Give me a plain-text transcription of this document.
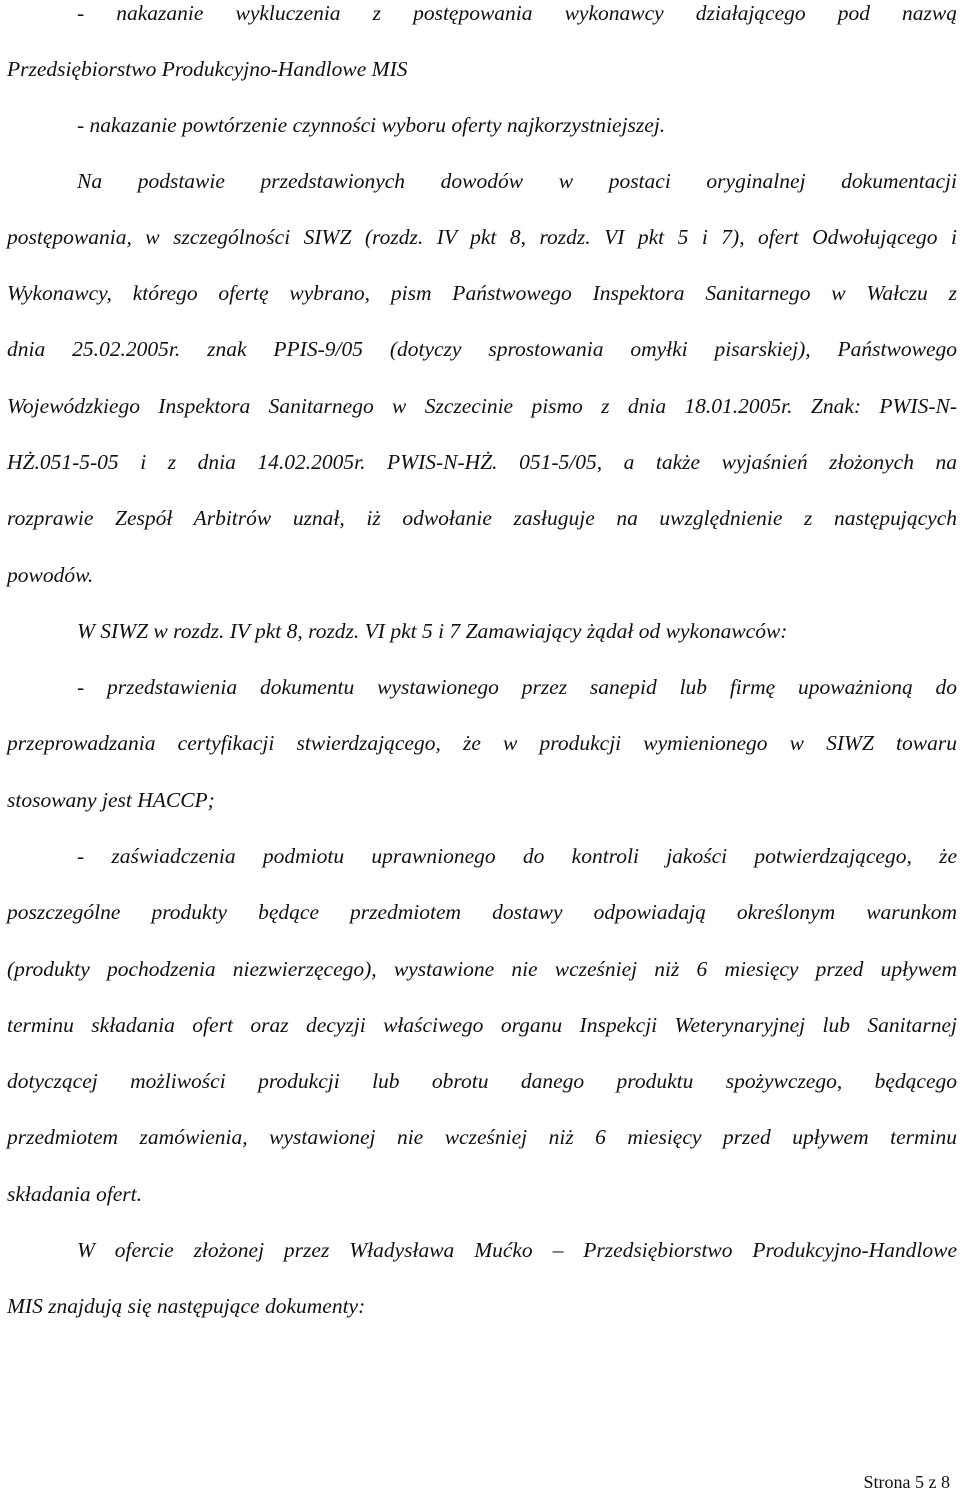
- nakazanie wykluczenia z postępowania wykonawcy działającego pod nazwą
Przedsiębiorstwo Produkcyjno-Handlowe MIS
- nakazanie powtórzenie czynności wyboru oferty najkorzystniejszej.
Na podstawie przedstawionych dowodów w postaci oryginalnej dokumentacji
postępowania, w szczególności SIWZ (rozdz. IV pkt 8, rozdz. VI pkt 5 i 7), ofert Odwołującego i
Wykonawcy, którego ofertę wybrano, pism Państwowego Inspektora Sanitarnego w Wałczu z
dnia 25.02.2005r. znak PPIS-9/05 (dotyczy sprostowania omyłki pisarskiej), Państwowego
Wojewódzkiego Inspektora Sanitarnego w Szczecinie pismo z dnia 18.01.2005r. Znak: PWIS-N-
HŻ.051-5-05 i z dnia 14.02.2005r. PWIS-N-HŻ. 051-5/05, a także wyjaśnień złożonych na
rozprawie Zespół Arbitrów uznał, iż odwołanie zasługuje na uwzględnienie z następujących
powodów.
W SIWZ w rozdz. IV pkt 8, rozdz. VI pkt 5 i 7 Zamawiający żądał od wykonawców:
- przedstawienia dokumentu wystawionego przez sanepid lub firmę upoważnioną do
przeprowadzania certyfikacji stwierdzającego, że w produkcji wymienionego w SIWZ towaru
stosowany jest HACCP;
- zaświadczenia podmiotu uprawnionego do kontroli jakości potwierdzającego, że
poszczególne produkty będące przedmiotem dostawy odpowiadają określonym warunkom
(produkty pochodzenia niezwierzęcego), wystawione nie wcześniej niż 6 miesięcy przed upływem
terminu składania ofert oraz decyzji właściwego organu Inspekcji Weterynaryjnej lub Sanitarnej
dotyczącej możliwości produkcji lub obrotu danego produktu spożywczego, będącego
przedmiotem zamówienia, wystawionej nie wcześniej niż 6 miesięcy przed upływem terminu
składania ofert.
W ofercie złożonej przez Władysława Mućko – Przedsiębiorstwo Produkcyjno-Handlowe
MIS znajdują się następujące dokumenty:
Strona 5 z 8
